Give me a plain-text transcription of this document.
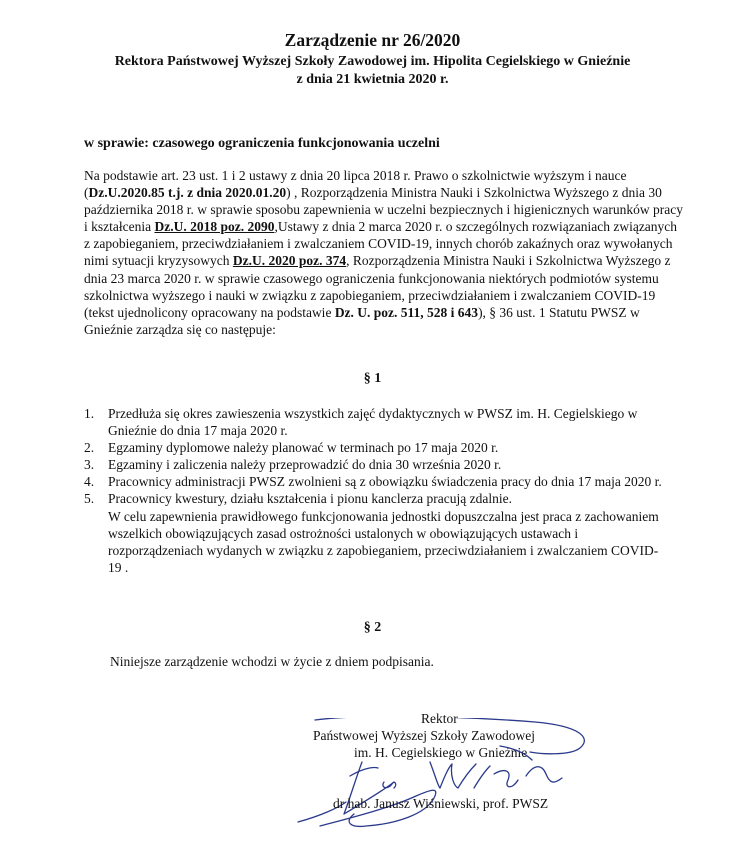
Zarządzenie nr 26/2020
Rektora Państwowej Wyższej Szkoły Zawodowej im. Hipolita Cegielskiego w Gnieźnie
z dnia 21 kwietnia 2020 r.
w sprawie: czasowego ograniczenia funkcjonowania uczelni
Na podstawie art. 23 ust. 1 i 2 ustawy z dnia 20 lipca 2018 r. Prawo o szkolnictwie wyższym i nauce (Dz.U.2020.85 t.j. z dnia 2020.01.20) , Rozporządzenia Ministra Nauki i Szkolnictwa Wyższego z dnia 30 października 2018 r. w sprawie sposobu zapewnienia w uczelni bezpiecznych i higienicznych warunków pracy i kształcenia Dz.U. 2018 poz. 2090,Ustawy z dnia 2 marca 2020 r. o szczególnych rozwiązaniach związanych z zapobieganiem, przeciwdziałaniem i zwalczaniem COVID-19, innych chorób zakaźnych oraz wywołanych nimi sytuacji kryzysowych Dz.U. 2020 poz. 374, Rozporządzenia Ministra Nauki i Szkolnictwa Wyższego z dnia 23 marca 2020 r. w sprawie czasowego ograniczenia funkcjonowania niektórych podmiotów systemu szkolnictwa wyższego i nauki w związku z zapobieganiem, przeciwdziałaniem i zwalczaniem COVID-19 (tekst ujednolicony opracowany na podstawie Dz. U. poz. 511, 528 i 643), § 36 ust. 1 Statutu PWSZ w Gnieźnie zarządza się co następuje:
§ 1
1. Przedłuża się okres zawieszenia wszystkich zajęć dydaktycznych w PWSZ im. H. Cegielskiego w Gnieźnie do dnia 17 maja 2020 r.
2. Egzaminy dyplomowe należy planować w terminach po 17 maja 2020 r.
3. Egzaminy i zaliczenia należy przeprowadzić do dnia 30 września 2020 r.
4. Pracownicy administracji PWSZ zwolnieni są z obowiązku świadczenia pracy do dnia 17 maja 2020 r.
5. Pracownicy kwestury, działu kształcenia i pionu kanclerza pracują zdalnie.
W celu zapewnienia prawidłowego funkcjonowania jednostki dopuszczalna jest praca z zachowaniem wszelkich obowiązujących zasad ostrożności ustalonych w obowiązujących ustawach i rozporządzeniach wydanych w związku z zapobieganiem, przeciwdziałaniem i zwalczaniem COVID-19 .
§ 2
Niniejsze zarządzenie wchodzi w życie z dniem podpisania.
Rektor
Państwowej Wyższej Szkoły Zawodowej
im. H. Cegielskiego w Gnieźnie
dr hab. Janusz Wiśniewski, prof. PWSZ
